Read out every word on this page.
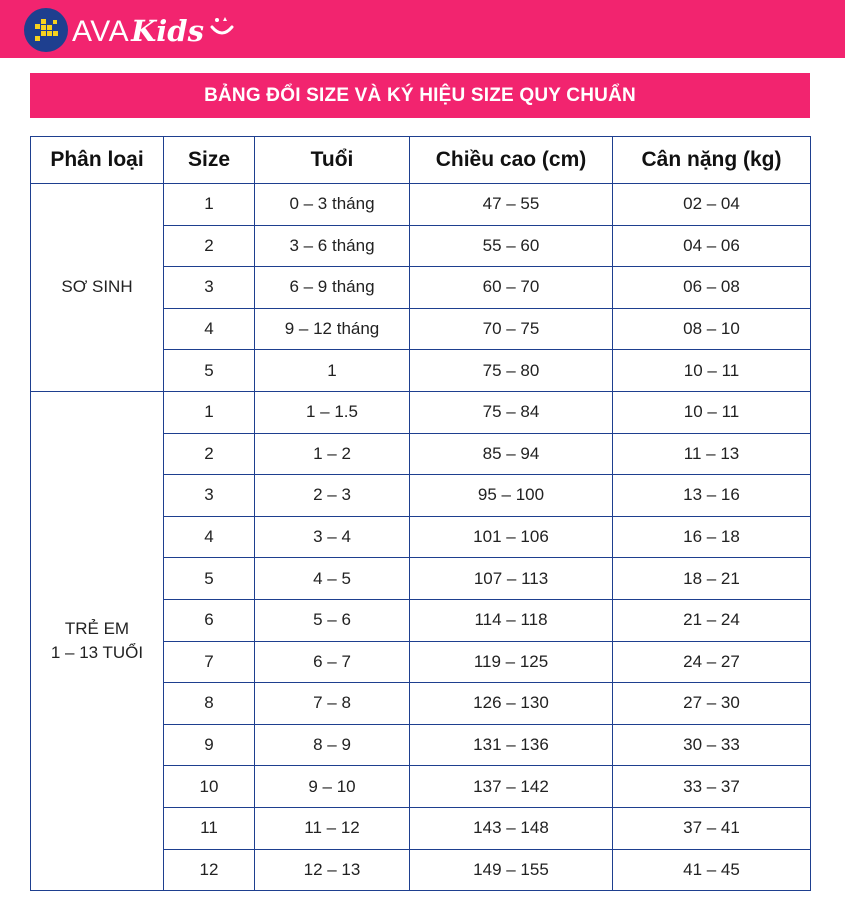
AVA Kids
BẢNG ĐỔI SIZE VÀ KÝ HIỆU SIZE QUY CHUẨN
Phân loại	Size	Tuổi	Chiều cao (cm)	Cân nặng (kg)

SƠ SINH	1	0 – 3 tháng	47 – 55	02 – 04
	2	3 – 6 tháng	55 – 60	04 – 06
	3	6 – 9 tháng	60 – 70	06 – 08
	4	9 – 12 tháng	70 – 75	08 – 10
	5	1	75 – 80	10 – 11

TRẺ EM
1 – 13 TUỔI	1	1 – 1.5	75 – 84	10 – 11
	2	1 – 2	85 – 94	11 – 13
	3	2 – 3	95 – 100	13 – 16
	4	3 – 4	101 – 106	16 – 18
	5	4 – 5	107 – 113	18 – 21
	6	5 – 6	114 – 118	21 – 24
	7	6 – 7	119 – 125	24 – 27
	8	7 – 8	126 – 130	27 – 30
	9	8 – 9	131 – 136	30 – 33
	10	9 – 10	137 – 142	33 – 37
	11	11 – 12	143 – 148	37 – 41
	12	12 – 13	149 – 155	41 – 45
